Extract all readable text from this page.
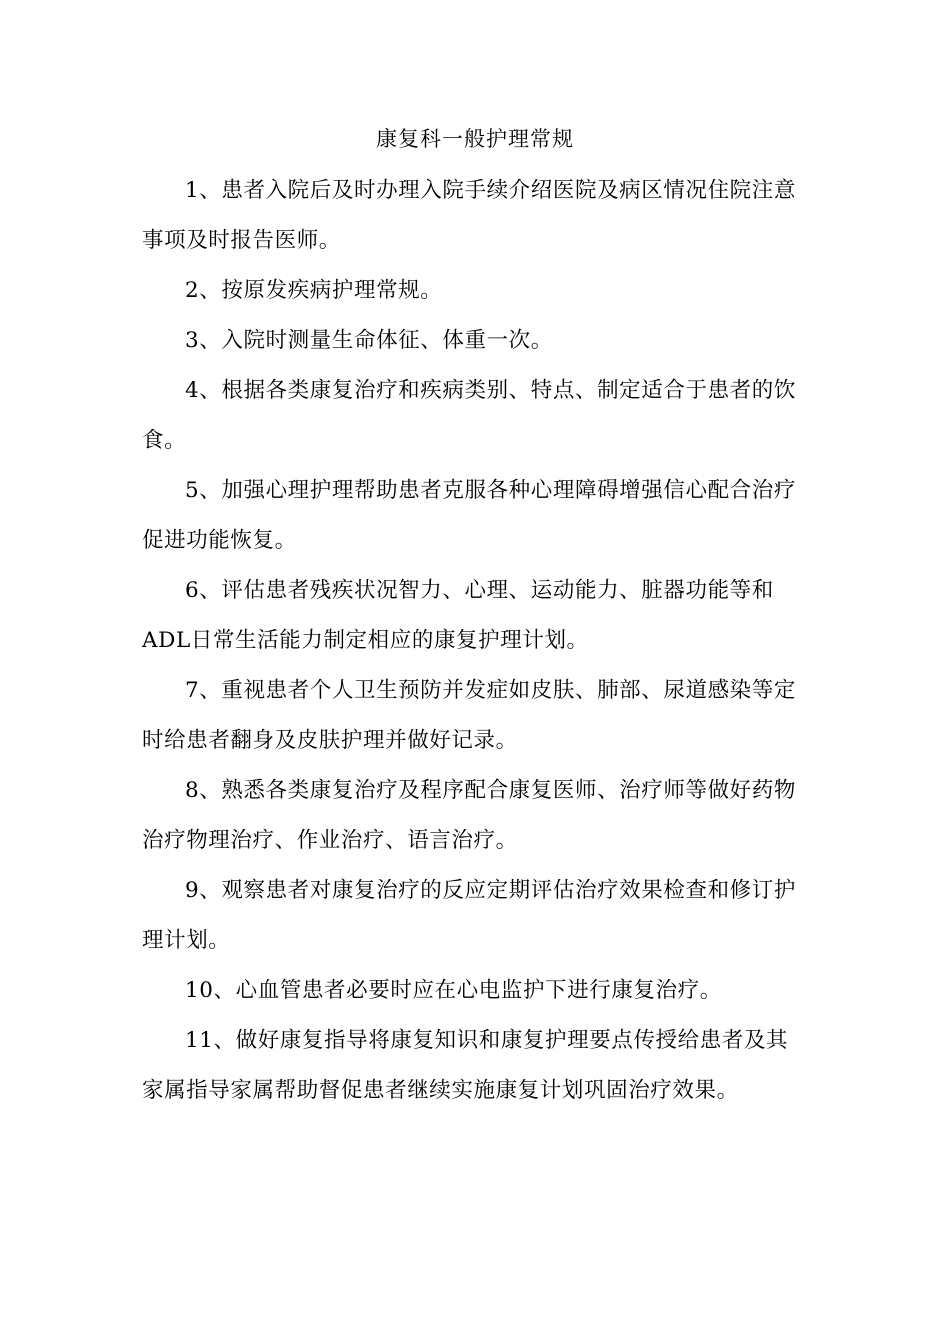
康复科一般护理常规

1、患者入院后及时办理入院手续介绍医院及病区情况住院注意
事项及时报告医师。

2、按原发疾病护理常规。

3、入院时测量生命体征、体重一次。

4、根据各类康复治疗和疾病类别、特点、制定适合于患者的饮
食。

5、加强心理护理帮助患者克服各种心理障碍增强信心配合治疗
促进功能恢复。

6、评估患者残疾状况智力、心理、运动能力、脏器功能等和
ADL日常生活能力制定相应的康复护理计划。

7、重视患者个人卫生预防并发症如皮肤、肺部、尿道感染等定
时给患者翻身及皮肤护理并做好记录。

8、熟悉各类康复治疗及程序配合康复医师、治疗师等做好药物
治疗物理治疗、作业治疗、语言治疗。

9、观察患者对康复治疗的反应定期评估治疗效果检查和修订护
理计划。

10、心血管患者必要时应在心电监护下进行康复治疗。

11、做好康复指导将康复知识和康复护理要点传授给患者及其
家属指导家属帮助督促患者继续实施康复计划巩固治疗效果。
